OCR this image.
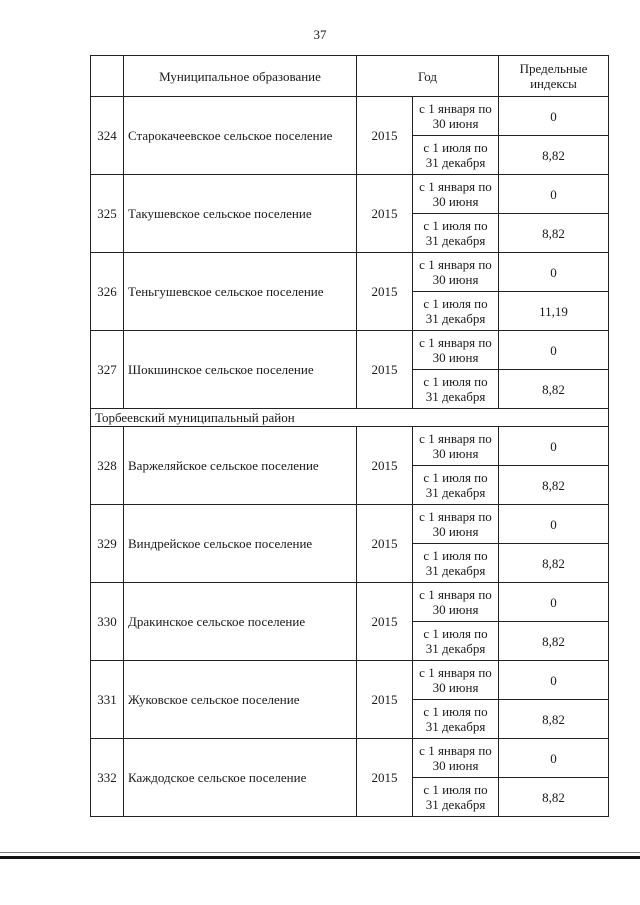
37
	Муниципальное образование	Год		Предельные индексы
324	Старокачеевское сельское поселение	2015	с 1 января по 30 июня	0
			с 1 июля по 31 декабря	8,82
325	Такушевское сельское поселение	2015	с 1 января по 30 июня	0
			с 1 июля по 31 декабря	8,82
326	Теньгушевское сельское поселение	2015	с 1 января по 30 июня	0
			с 1 июля по 31 декабря	11,19
327	Шокшинское сельское поселение	2015	с 1 января по 30 июня	0
			с 1 июля по 31 декабря	8,82
Торбеевский муниципальный район				
328	Варжеляйское сельское поселение	2015	с 1 января по 30 июня	0
			с 1 июля по 31 декабря	8,82
329	Виндрейское сельское поселение	2015	с 1 января по 30 июня	0
			с 1 июля по 31 декабря	8,82
330	Дракинское сельское поселение	2015	с 1 января по 30 июня	0
			с 1 июля по 31 декабря	8,82
331	Жуковское сельское поселение	2015	с 1 января по 30 июня	0
			с 1 июля по 31 декабря	8,82
332	Каждодское сельское поселение	2015	с 1 января по 30 июня	0
			с 1 июля по 31 декабря	8,82
